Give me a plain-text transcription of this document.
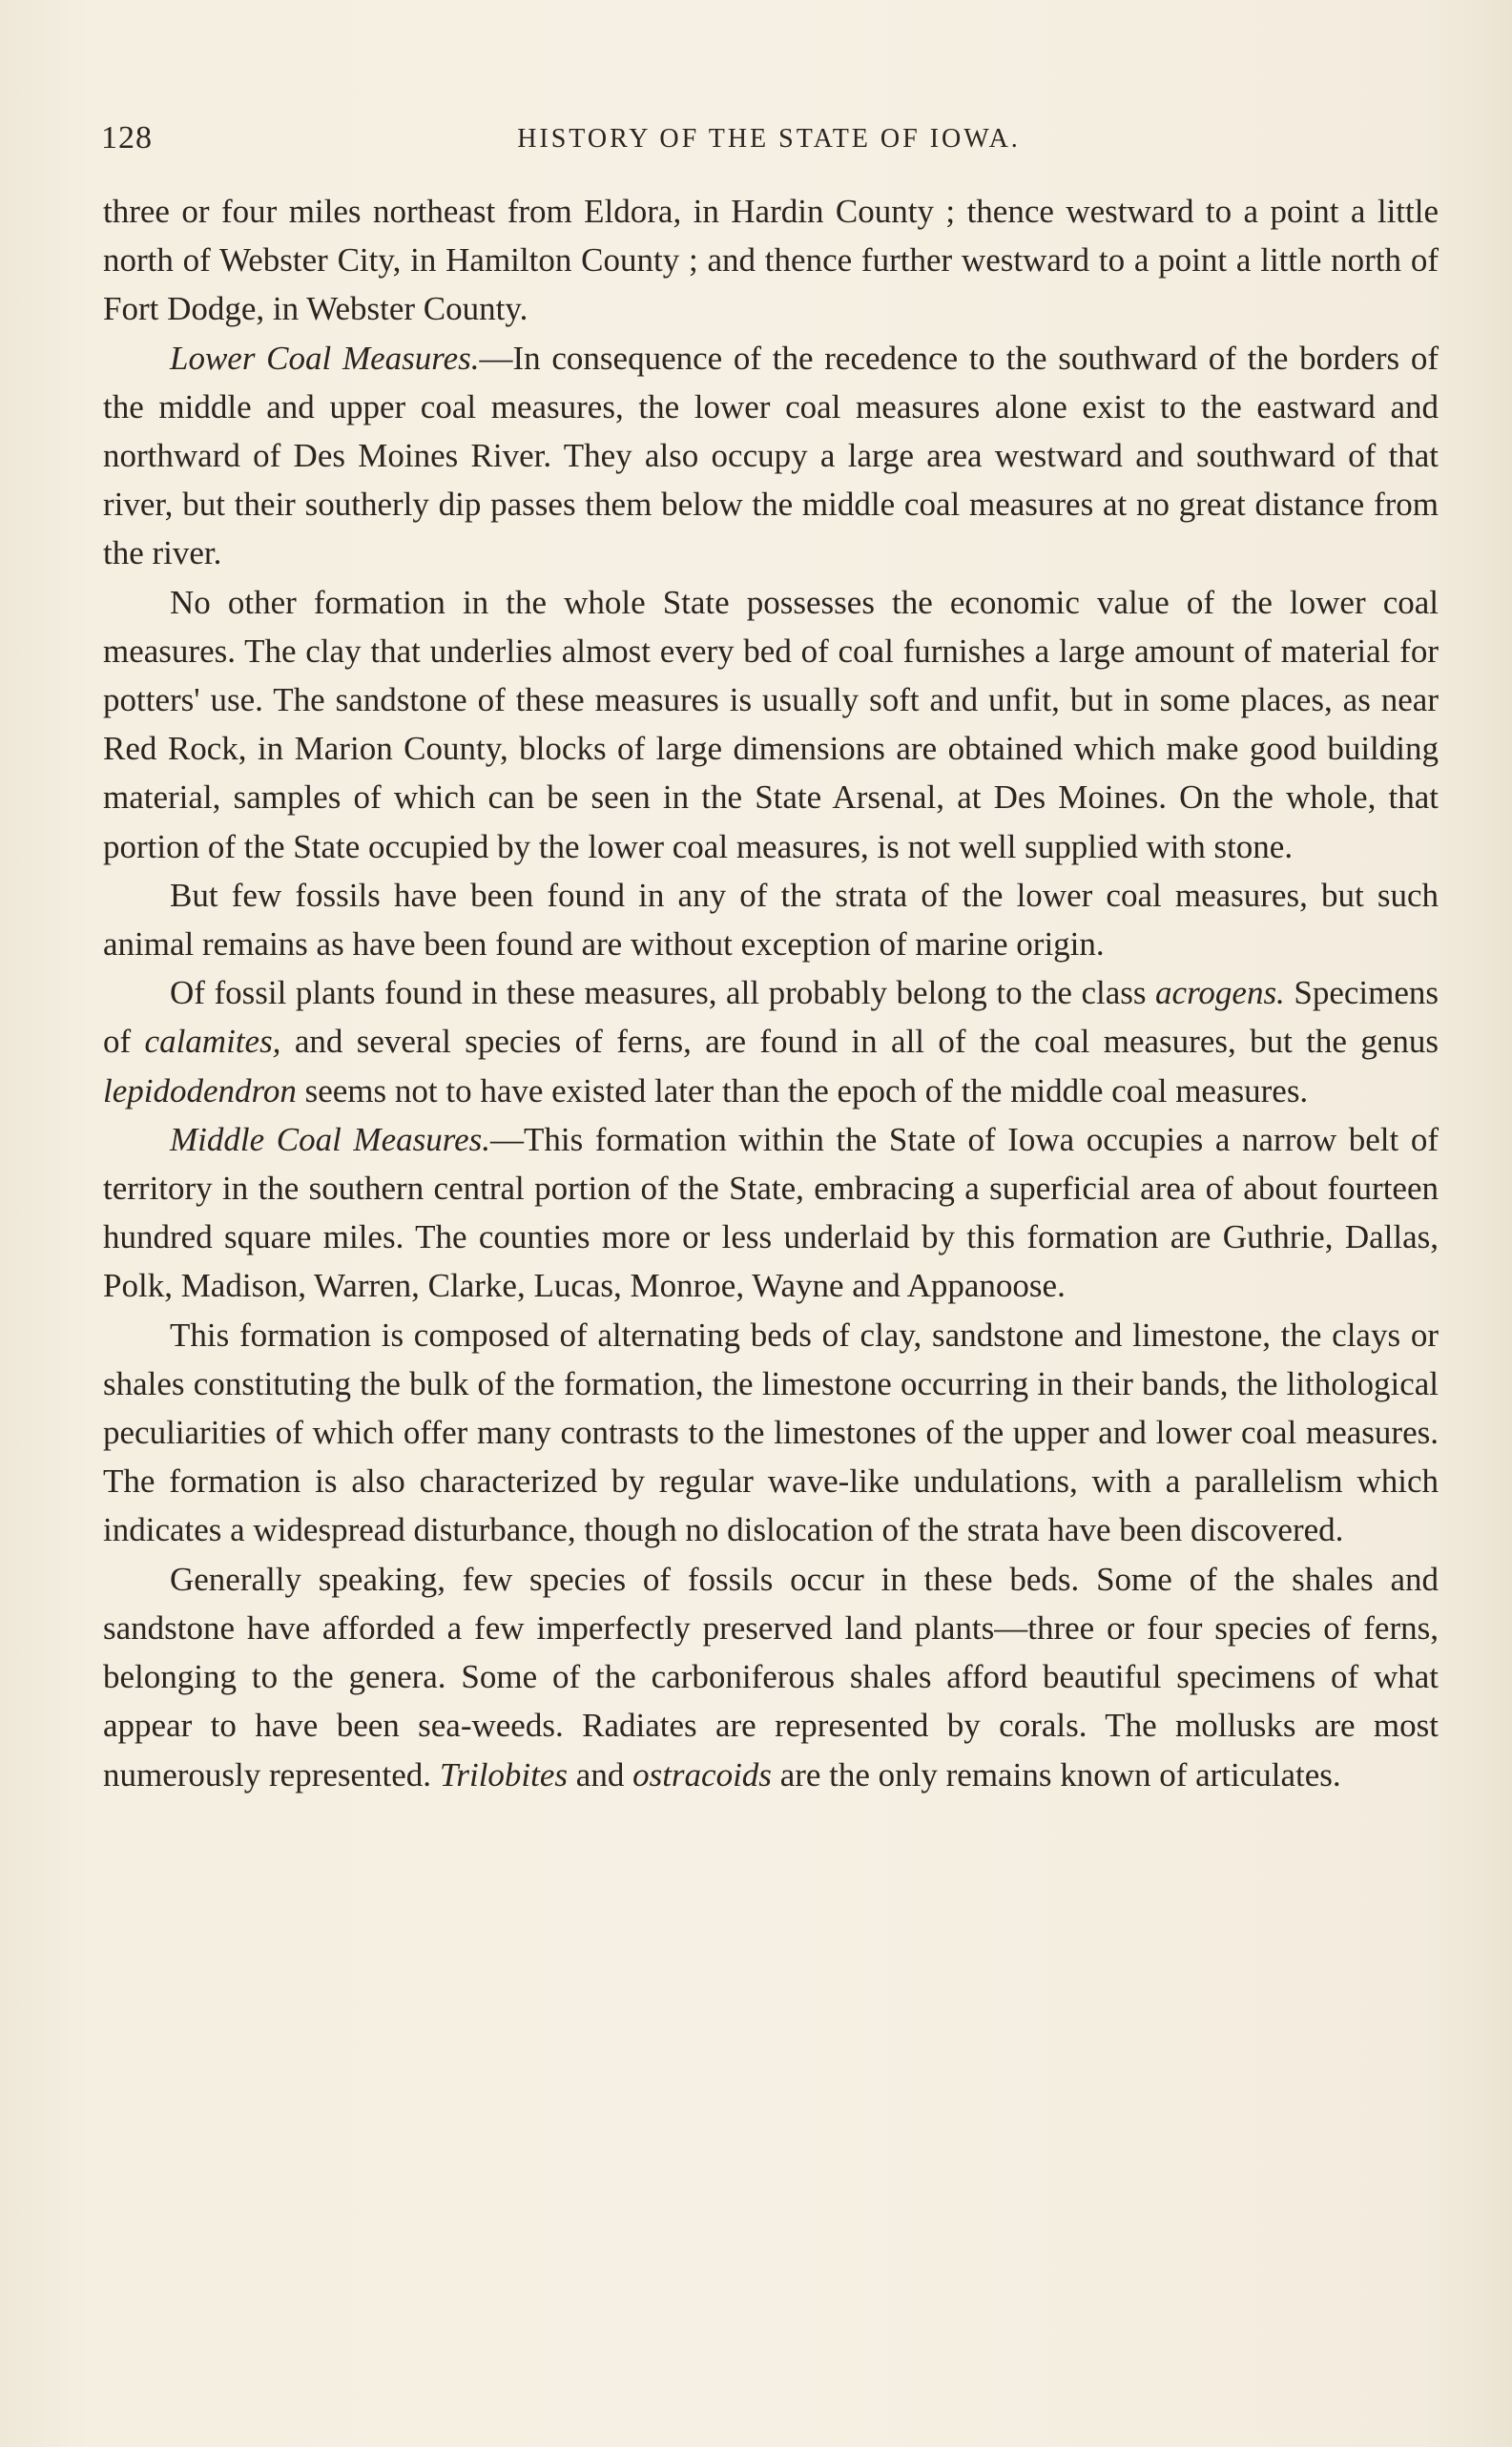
128	HISTORY OF THE STATE OF IOWA.

three or four miles northeast from Eldora, in Hardin County ; thence westward to a point a little north of Webster City, in Hamilton County ; and thence further westward to a point a little north of Fort Dodge, in Webster County.

Lower Coal Measures.—In consequence of the recedence to the southward of the borders of the middle and upper coal measures, the lower coal measures alone exist to the eastward and northward of Des Moines River. They also occupy a large area westward and southward of that river, but their southerly dip passes them below the middle coal measures at no great distance from the river.

No other formation in the whole State possesses the economic value of the lower coal measures. The clay that underlies almost every bed of coal furnishes a large amount of material for potters' use. The sandstone of these measures is usually soft and unfit, but in some places, as near Red Rock, in Marion County, blocks of large dimensions are obtained which make good building material, samples of which can be seen in the State Arsenal, at Des Moines. On the whole, that portion of the State occupied by the lower coal measures, is not well supplied with stone.

But few fossils have been found in any of the strata of the lower coal measures, but such animal remains as have been found are without exception of marine origin.

Of fossil plants found in these measures, all probably belong to the class acrogens. Specimens of calamites, and several species of ferns, are found in all of the coal measures, but the genus lepidodendron seems not to have existed later than the epoch of the middle coal measures.

Middle Coal Measures.—This formation within the State of Iowa occupies a narrow belt of territory in the southern central portion of the State, embracing a superficial area of about fourteen hundred square miles. The counties more or less underlaid by this formation are Guthrie, Dallas, Polk, Madison, Warren, Clarke, Lucas, Monroe, Wayne and Appanoose.

This formation is composed of alternating beds of clay, sandstone and limestone, the clays or shales constituting the bulk of the formation, the limestone occurring in their bands, the lithological peculiarities of which offer many contrasts to the limestones of the upper and lower coal measures. The formation is also characterized by regular wave-like undulations, with a parallelism which indicates a widespread disturbance, though no dislocation of the strata have been discovered.

Generally speaking, few species of fossils occur in these beds. Some of the shales and sandstone have afforded a few imperfectly preserved land plants—three or four species of ferns, belonging to the genera. Some of the carboniferous shales afford beautiful specimens of what appear to have been sea-weeds. Radiates are represented by corals. The mollusks are most numerously represented. Trilobites and ostracoids are the only remains known of articulates.
